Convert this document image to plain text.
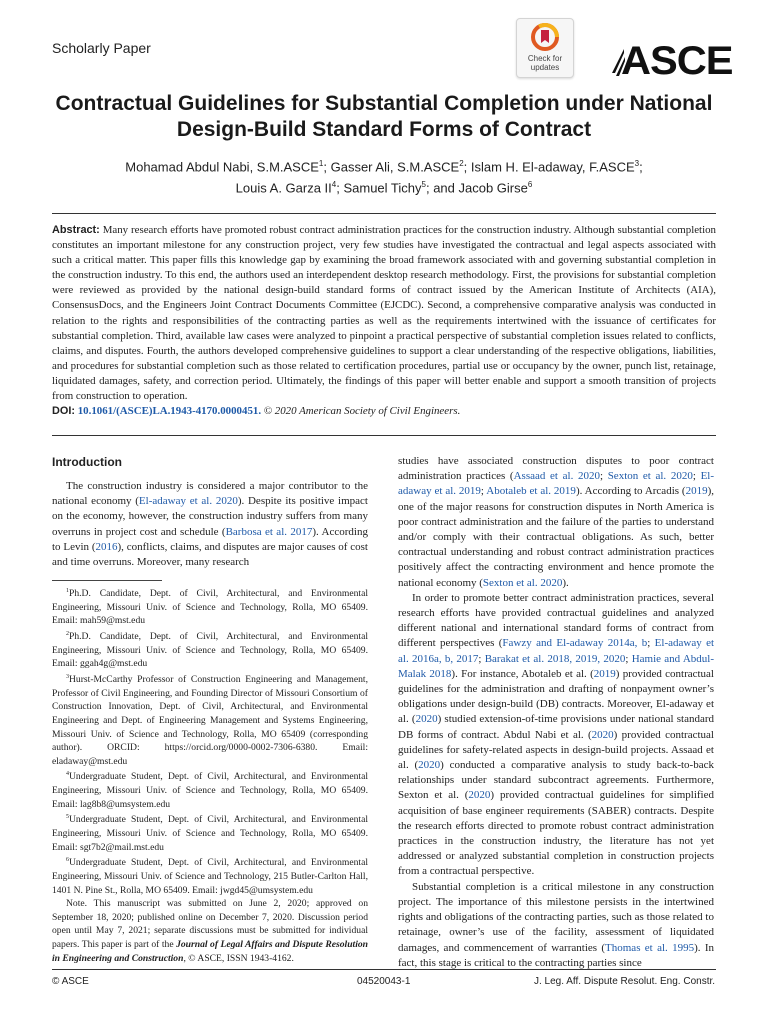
Scholarly Paper
Check for
updates	ASCE
Contractual Guidelines for Substantial Completion under National Design-Build Standard Forms of Contract
Mohamad Abdul Nabi, S.M.ASCE$^1$; Gasser Ali, S.M.ASCE$^2$; Islam H. El-adaway, F.ASCE$^3$;
Louis A. Garza $II^4$; Samuel Tichy$^5$; and Jacob Girse$^6$
Abstract: Many research efforts have promoted robust contract administration practices for the construction industry. Although substantial completion constitutes an important milestone for any construction project, very few studies have investigated the contractual and legal aspects associated with such a critical matter. This paper fills this knowledge gap by examining the broad framework associated with and governing substantial completion in the construction industry. To this end, the authors used an interdependent desktop research methodology. First, the provisions for substantial completion were reviewed as provided by the national design-build standard forms of contract issued by the American Institute of Architects (AIA), ConsensusDocs, and the Engineers Joint Contract Documents Committee (EJCDC). Second, a comprehensive comparative analysis was conducted in relation to the rights and responsibilities of the contracting parties as well as the requirements intertwined with the issuance of certificates for substantial completion. Third, available law cases were analyzed to pinpoint a practical perspective of substantial completion issues related to conflicts, claims, and disputes. Fourth, the authors developed comprehensive guidelines to support a clear understanding of the respective obligations, liabilities, and procedures for substantial completion such as those related to certification procedures, partial use or occupancy by the owner, punch list, retainage, liquidated damages, safety, and correction period. Ultimately, the findings of this paper will better enable and support a smooth transition of projects from construction to operation.
DOI: 10.1061/(ASCE)LA.1943-4170.0000451. © 2020 American Society of Civil Engineers.
Introduction

The construction industry is considered a major contributor to the national economy (El-adaway et al. 2020). Despite its positive impact on the economy, however, the construction industry suffers from many overruns in project cost and schedule (Barbosa et al. 2017). According to Levin (2016), conflicts, claims, and disputes are major causes of cost and time overruns. Moreover, many research

$^1$Ph.D. Candidate, Dept. of Civil, Architectural, and Environmental Engineering, Missouri Univ. of Science and Technology, Rolla, MO 65409. Email: mah59@mst.edu

$^2$Ph.D. Candidate, Dept. of Civil, Architectural, and Environmental Engineering, Missouri Univ. of Science and Technology, Rolla, MO 65409. Email: ggah4g@mst.edu

$^3$Hurst-McCarthy Professor of Construction Engineering and Management, Professor of Civil Engineering, and Founding Director of Missouri Consortium of Construction Innovation, Dept. of Civil, Architectural, and Environmental Engineering and Dept. of Engineering Management and Systems Engineering, Missouri Univ. of Science and Technology, Rolla, MO 65409 (corresponding author). ORCID: https://orcid.org/0000-0002-7306-6380. Email: eladaway@mst.edu

$^4$Undergraduate Student, Dept. of Civil, Architectural, and Environmental Engineering, Missouri Univ. of Science and Technology, Rolla, MO 65409. Email: lag8b8@umsystem.edu

$^5$Undergraduate Student, Dept. of Civil, Architectural, and Environmental Engineering, Missouri Univ. of Science and Technology, Rolla, MO 65409. Email: sgt7b2@mail.mst.edu

$^6$Undergraduate Student, Dept. of Civil, Architectural, and Environmental Engineering, Missouri Univ. of Science and Technology, 215 Butler-Carlton Hall, 1401 N. Pine St., Rolla, MO 65409. Email: jwgd45@umsystem.edu

Note. This manuscript was submitted on June 2, 2020; approved on September 18, 2020; published online on December 7, 2020. Discussion period open until May 7, 2021; separate discussions must be submitted for individual papers. This paper is part of the Journal of Legal Affairs and Dispute Resolution in Engineering and Construction, © ASCE, ISSN 1943-4162.

studies have associated construction disputes to poor contract administration practices (Assaad et al. 2020; Sexton et al. 2020; El-adaway et al. 2019; Abotaleb et al. 2019). According to Arcadis (2019), one of the major reasons for construction disputes in North America is poor contract administration and the failure of the parties to understand and/or comply with their contractual obligations. As such, better contractual understanding and robust contract administration practices positively affect the contracting environment and hence promote the national economy (Sexton et al. 2020).

In order to promote better contract administration practices, several research efforts have provided contractual guidelines and analyzed different national and international standard forms of contract from different perspectives (Fawzy and El-adaway 2014a, b; El-adaway et al. 2016a, b, 2017; Barakat et al. 2018, 2019, 2020; Hamie and Abdul-Malak 2018). For instance, Abotaleb et al. (2019) provided contractual guidelines for the administration and drafting of nonpayment owner’s obligations under design-build (DB) contracts. Moreover, El-adaway et al. (2020) studied extension-of-time provisions under national standard DB forms of contract. Abdul Nabi et al. (2020) provided contractual guidelines for safety-related aspects in design-build projects. Assaad et al. (2020) conducted a comparative analysis to study back-to-back relationships under standard subcontract agreements. Furthermore, Sexton et al. (2020) provided contractual guidelines for simplified acquisition of base engineer requirements (SABER) contracts. Despite the research efforts directed to promote robust contract administration practices in the construction industry, the literature has not yet addressed or analyzed substantial completion in construction projects from a contractual perspective.

Substantial completion is a critical milestone in any construction project. The importance of this milestone persists in the intertwined rights and obligations of the contracting parties, such as those related to retainage, owner’s use of the facility, assessment of liquidated damages, and commencement of warranties (Thomas et al. 1995). In fact, this stage is critical to the contracting parties since

© ASCE	04520043-1	J. Leg. Aff. Dispute Resolut. Eng. Constr.
